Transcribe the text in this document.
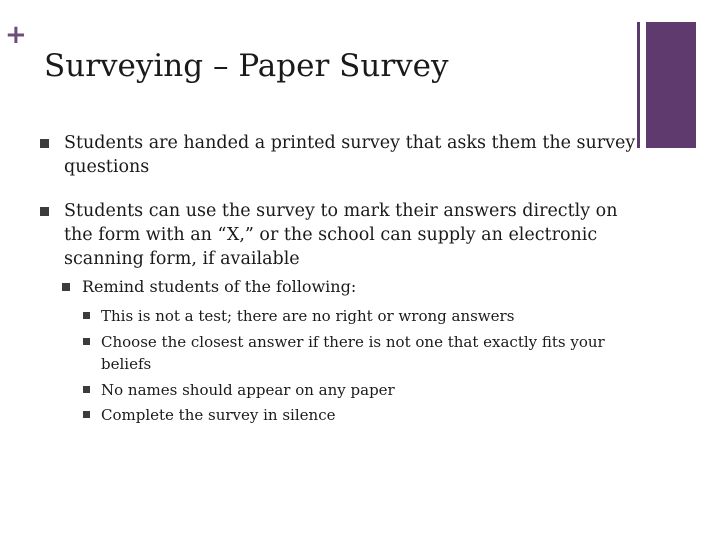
+
Surveying – Paper Survey
Students are handed a printed survey that asks them the survey questions
Students can use the survey to mark their answers directly on the form with an “X,” or the school can supply an electronic scanning form, if available
Remind students of the following:
This is not a test; there are no right or wrong answers
Choose the closest answer if there is not one that exactly fits your beliefs
No names should appear on any paper
Complete the survey in silence
